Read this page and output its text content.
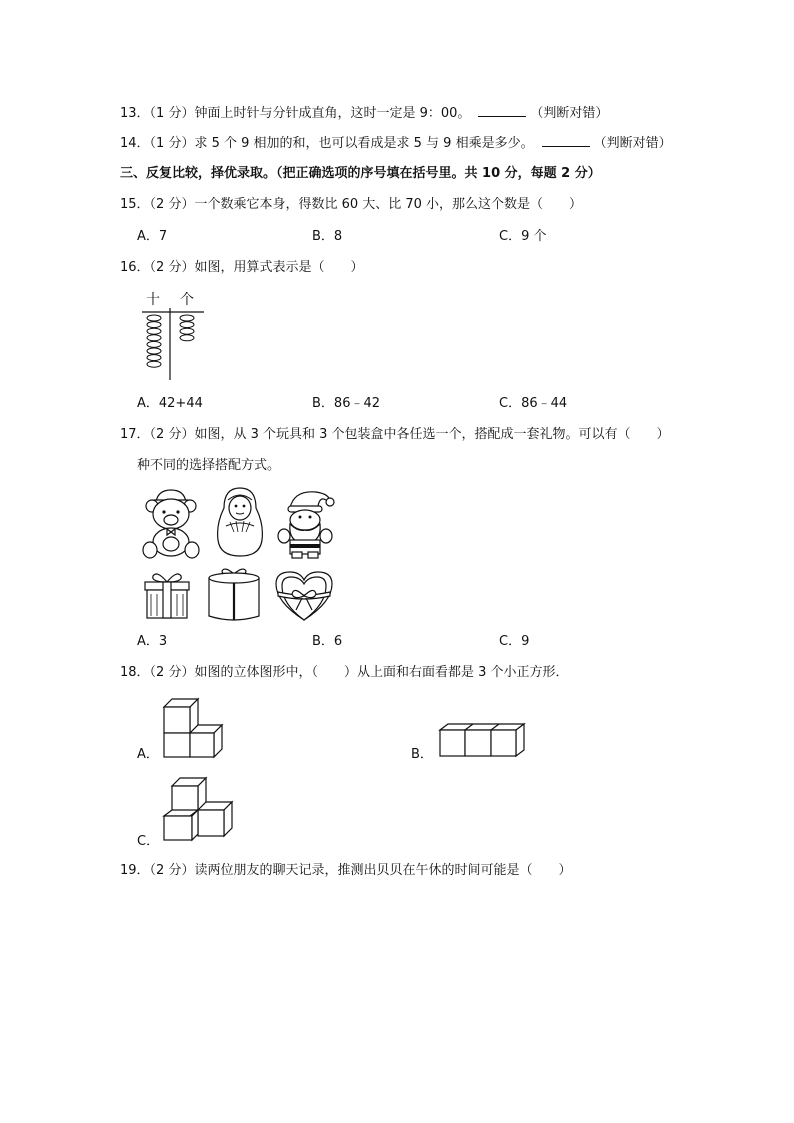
13．（1 分）钟面上时针与分针成直角，这时一定是 9：00。	（判断对错）
14．（1 分）求 5 个 9 相加的和，也可以看成是求 5 与 9 相乘是多少。	（判断对错）
三、反复比较，择优录取。（把正确选项的序号填在括号里。共 10 分，每题 2 分）
15．（2 分）一个数乘它本身，得数比 60 大、比 70 小，那么这个数是（　　）
A．7	B．8	C．9 个
16．（2 分）如图，用算式表示是（　　）
十 个
A．42+44	B．86﹣42	C．86﹣44
17．（2 分）如图，从 3 个玩具和 3 个包装盒中各任选一个，搭配成一套礼物。可以有（　　）
种不同的选择搭配方式。
A．3	B．6	C．9
18．（2 分）如图的立体图形中，（　　）从上面和右面看都是 3 个小正方形．
A．	B．
C．
19．（2 分）读两位朋友的聊天记录，推测出贝贝在午休的时间可能是（　　）
